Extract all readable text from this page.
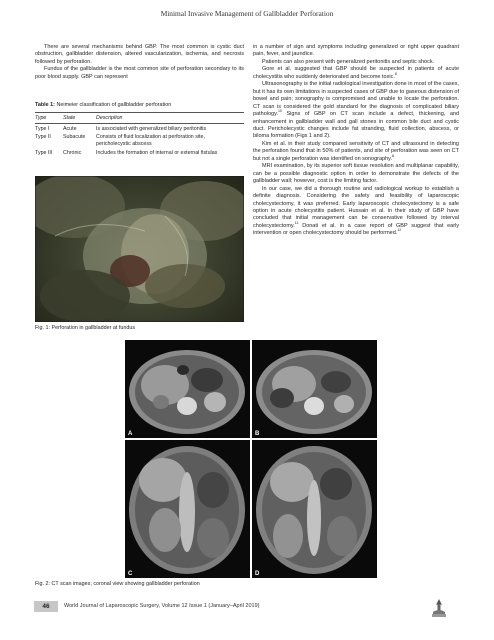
Minimal Invasive Management of Gallbladder Perforation

There are several mechanisms behind GBP. The most common is cystic duct obstruction, gallbladder distension, altered vascularization, ischemia, and necrosis followed by perforation.

Fundus of the gallbladder is the most common site of perforation secondary to its poor blood supply. GBP can represent

Table 1: Neimeier classification of gallbladder perforation
Type	State	Description
Type I	Acute	Is associated with generalized biliary peritonitis
Type II	Subacute	Consists of fluid localization at perforation site, pericholecystic abscess
Type III	Chronic	Includes the formation of internal or external fistulas
Fig. 1: Perforation in gallbladder at fundus

in a number of sign and symptoms including generalized or right upper quadrant pain, fever, and jaundice.

Patients can also present with generalized peritonitis and septic shock.

Gore et al. suggested that GBP should be suspected in patients of acute cholecystitis who suddenly deteriorated and become toxic.$^8$

Ultrasonography is the initial radiological investigation done in most of the cases, but it has its own limitations in suspected cases of GBP due to gaseous distension of bowel and pain; sonography is compromised and unable to locate the perforation. CT scan is considered the gold standard for the diagnosis of complicated biliary pathology.$^{10}$ Signs of GBP on CT scan include a defect, thickening, and enhancement in gallbladder wall and gall stones in common bile duct and cystic duct. Pericholecystic changes include fat stranding, fluid collection, abscess, or biloma formation (Figs 1 and 2).

Kim et al. in their study compared sensitivity of CT and ultrasound in detecting the perforation found that in 50% of patients, and site of perforation was seen on CT but not a single perforation was identified on sonography.$^8$

MRI examination, by its superior soft tissue resolution and multiplanar capability, can be a possible diagnostic option in order to demonstrate the defects of the gallbladder wall; however, cost is the limiting factor.

In our case, we did a thorough routine and radiological workup to establish a definite diagnosis. Considering the safety and feasibility of laparoscopic cholecystectomy, it was preferred. Early laparoscopic cholecystectomy is a safe option in acute cholecystitis patient. Hussain et al. in their study of GBP have concluded that initial management can be conservative followed by interval cholecystectomy.$^{11}$ Donati et al. in a case report of GBP suggest that early intervention or open cholecystectomy should be performed.$^{12}$

A	B
C	D
Fig. 2: CT scan images; coronal view showing gallbladder perforation
46	World Journal of Laparoscopic Surgery, Volume 12 Issue 1 (January–April 2019)
